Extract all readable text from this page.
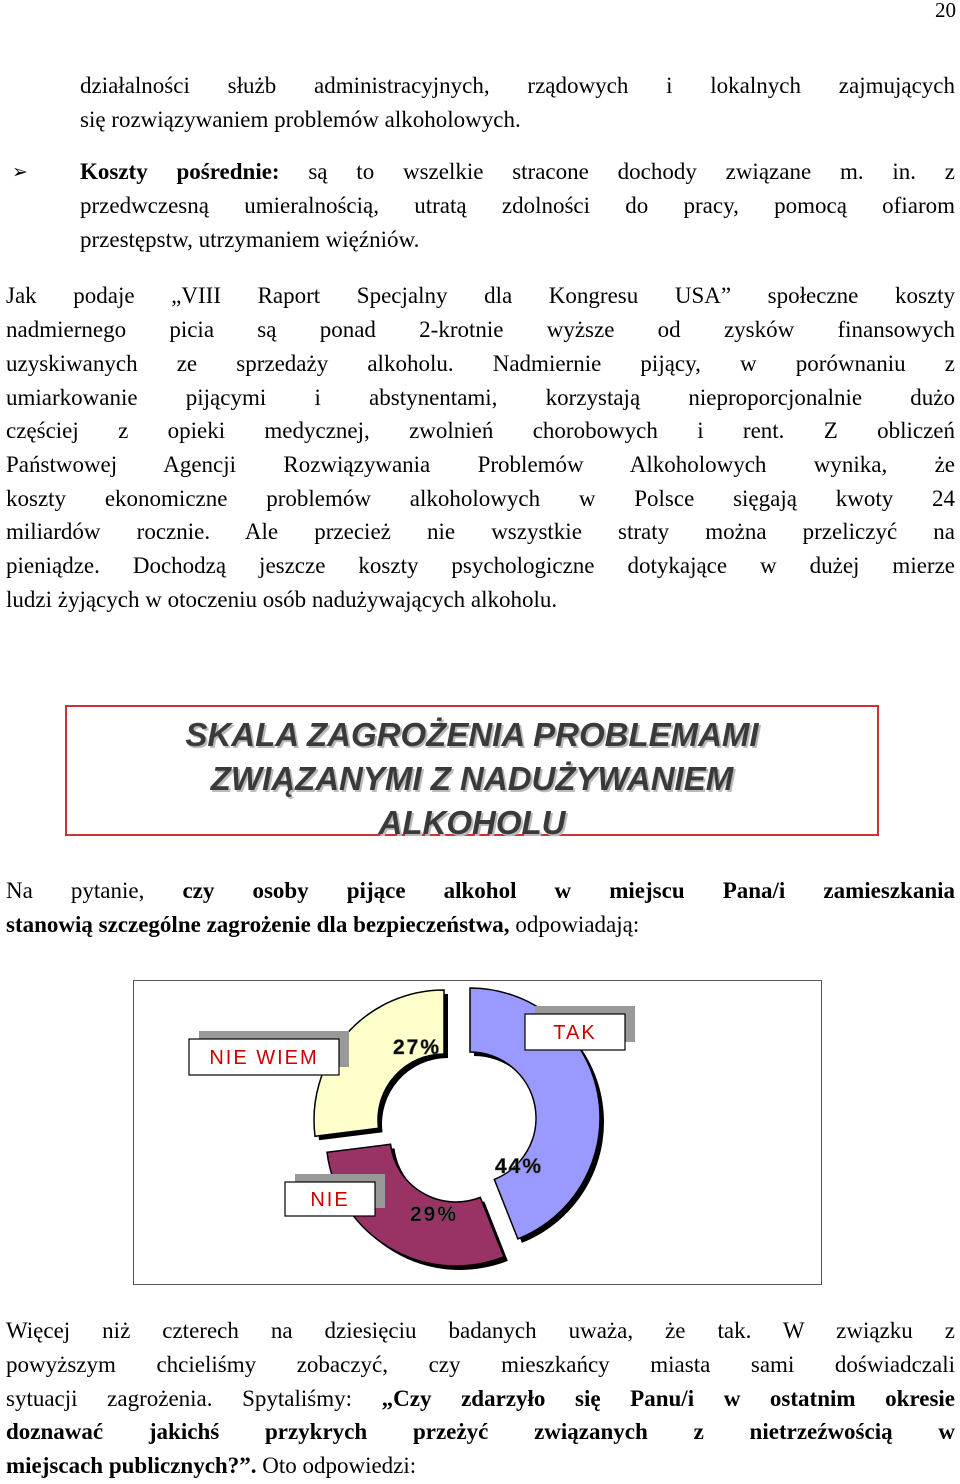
20
działalności służb administracyjnych, rządowych i lokalnych zajmujących
się rozwiązywaniem problemów alkoholowych.
➢ Koszty pośrednie: są to wszelkie stracone dochody związane m. in. z
przedwczesną umieralnością, utratą zdolności do pracy, pomocą ofiarom
przestępstw, utrzymaniem więźniów.
Jak podaje „VIII Raport Specjalny dla Kongresu USA” społeczne koszty
nadmiernego picia są ponad 2-krotnie wyższe od zysków finansowych
uzyskiwanych ze sprzedaży alkoholu. Nadmiernie pijący, w porównaniu z
umiarkowanie pijącymi i abstynentami, korzystają nieproporcjonalnie dużo
częściej z opieki medycznej, zwolnień chorobowych i rent. Z obliczeń
Państwowej Agencji Rozwiązywania Problemów Alkoholowych wynika, że
koszty ekonomiczne problemów alkoholowych w Polsce sięgają kwoty 24
miliardów rocznie. Ale przecież nie wszystkie straty można przeliczyć na
pieniądze. Dochodzą jeszcze koszty psychologiczne dotykające w dużej mierze
ludzi żyjących w otoczeniu osób nadużywających alkoholu.
SKALA ZAGROŻENIA PROBLEMAMI
ZWIĄZANYMI Z NADUŻYWANIEM
ALKOHOLU
Na pytanie, czy osoby pijące alkohol w miejscu Pana/i zamieszkania
stanowią szczególne zagrożenie dla bezpieczeństwa, odpowiadają:
TAK
44%
NIE
29%
NIE WIEM	27%
Więcej niż czterech na dziesięciu badanych uważa, że tak. W związku z
powyższym chcieliśmy zobaczyć, czy mieszkańcy miasta sami doświadczali
sytuacji zagrożenia. Spytaliśmy: „Czy zdarzyło się Panu/i w ostatnim okresie
doznawać jakichś przykrych przeżyć związanych z nietrzeźwością w
miejscach publicznych?”. Oto odpowiedzi:
